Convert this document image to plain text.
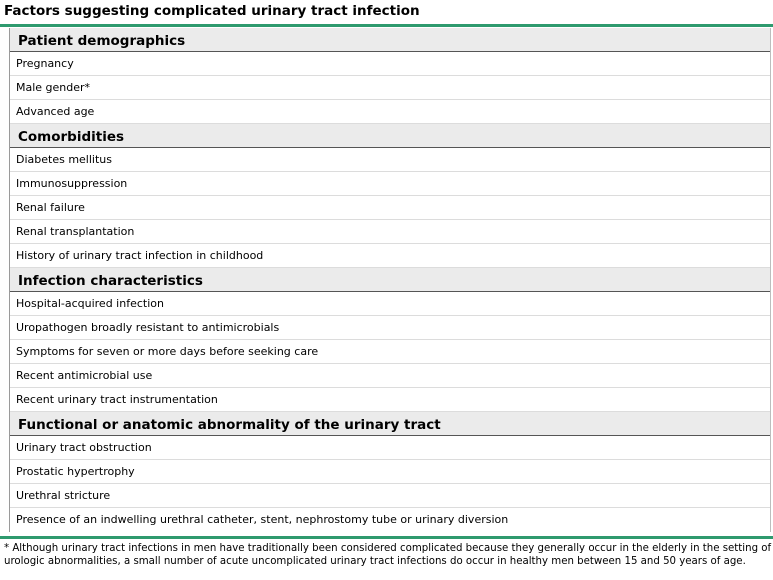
Factors suggesting complicated urinary tract infection
Patient demographics
Pregnancy
Male gender*
Advanced age
Comorbidities
Diabetes mellitus
Immunosuppression
Renal failure
Renal transplantation
History of urinary tract infection in childhood
Infection characteristics
Hospital-acquired infection
Uropathogen broadly resistant to antimicrobials
Symptoms for seven or more days before seeking care
Recent antimicrobial use
Recent urinary tract instrumentation
Functional or anatomic abnormality of the urinary tract
Urinary tract obstruction
Prostatic hypertrophy
Urethral stricture
Presence of an indwelling urethral catheter, stent, nephrostomy tube or urinary diversion
* Although urinary tract infections in men have traditionally been considered complicated because they generally occur in the elderly in the setting of urologic abnormalities, a small number of acute uncomplicated urinary tract infections do occur in healthy men between 15 and 50 years of age.
